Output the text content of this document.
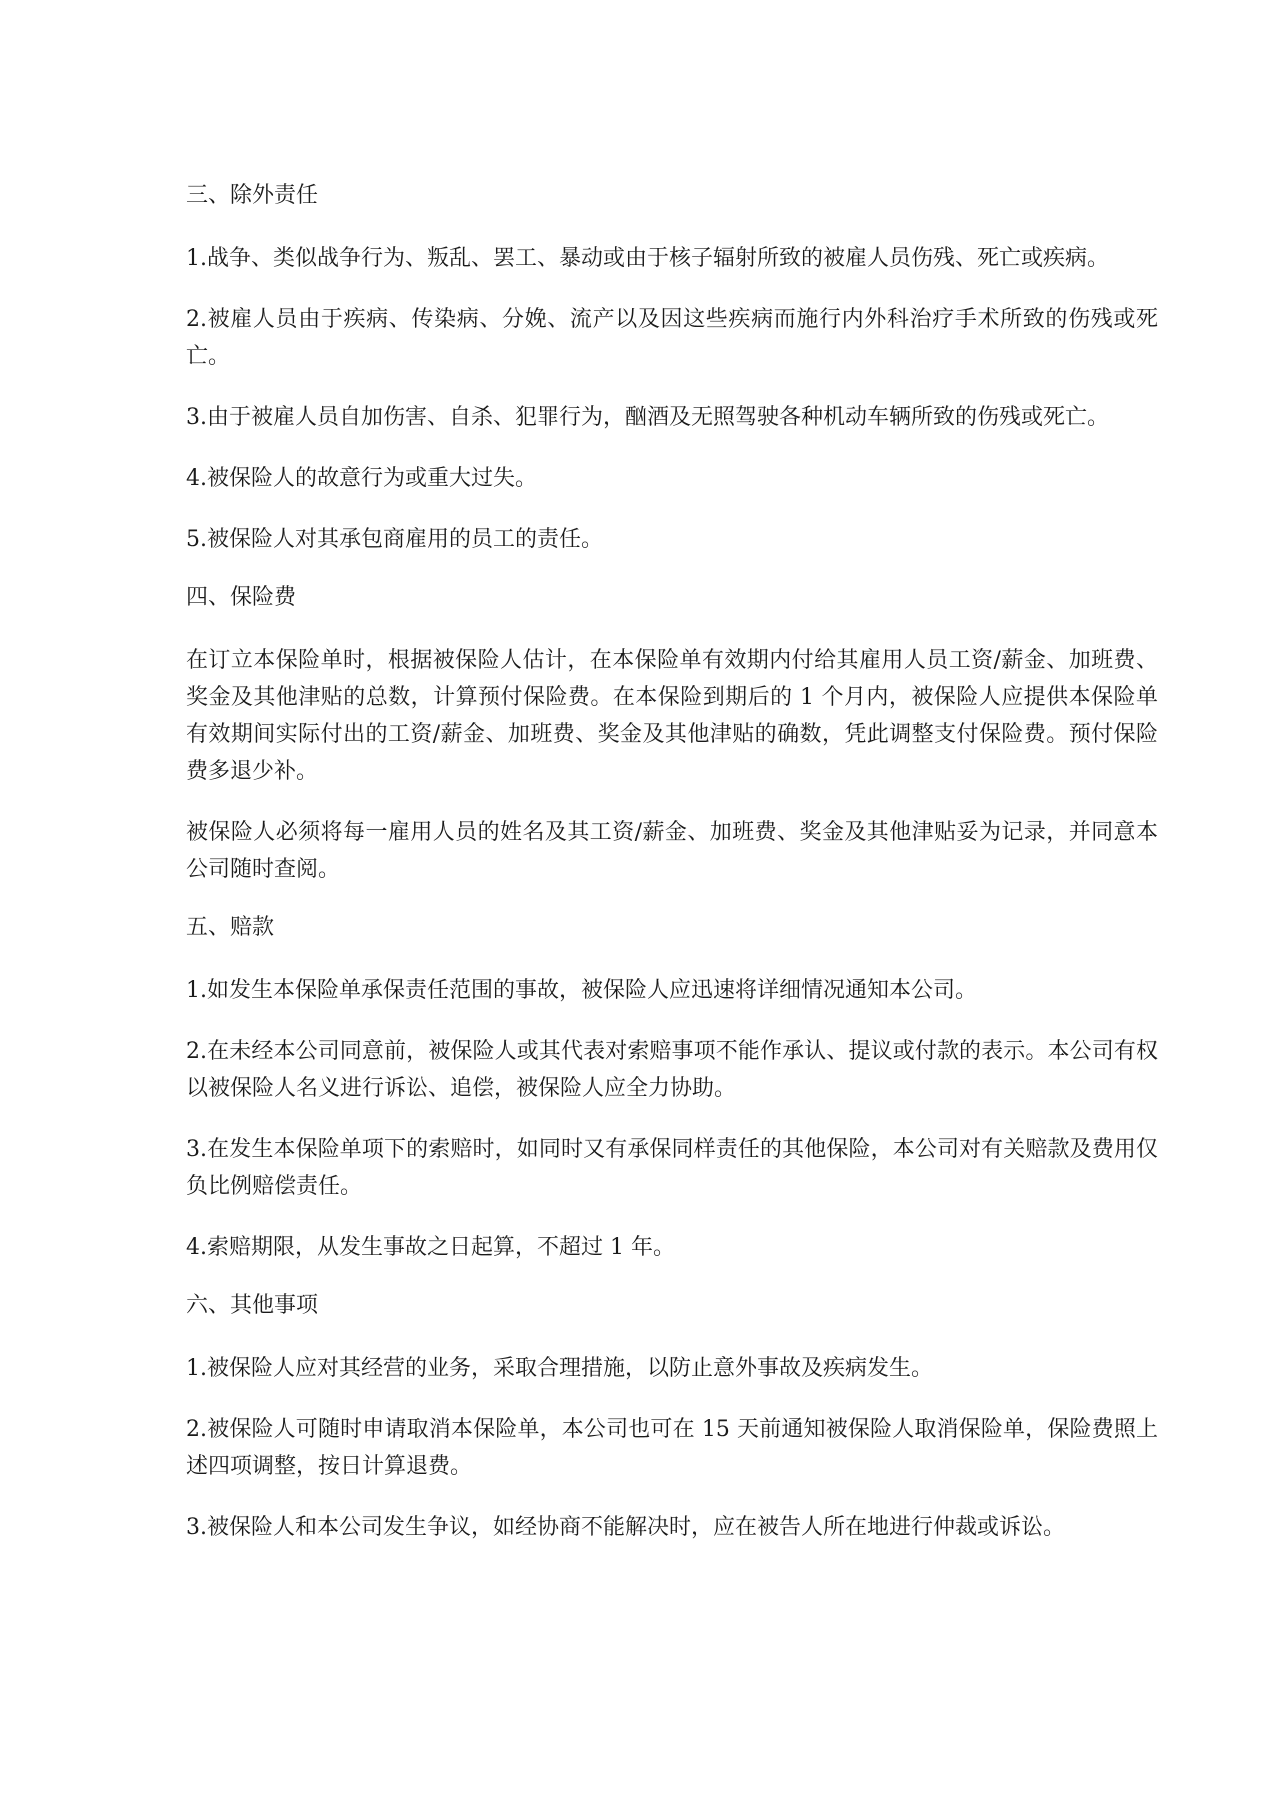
三、除外责任

1.战争、类似战争行为、叛乱、罢工、暴动或由于核子辐射所致的被雇人员伤残、死亡或疾病。

2.被雇人员由于疾病、传染病、分娩、流产以及因这些疾病而施行内外科治疗手术所致的伤残或死亡。

3.由于被雇人员自加伤害、自杀、犯罪行为，酗酒及无照驾驶各种机动车辆所致的伤残或死亡。

4.被保险人的故意行为或重大过失。

5.被保险人对其承包商雇用的员工的责任。

四、保险费

在订立本保险单时，根据被保险人估计，在本保险单有效期内付给其雇用人员工资/薪金、加班费、奖金及其他津贴的总数，计算预付保险费。在本保险到期后的 1 个月内，被保险人应提供本保险单有效期间实际付出的工资/薪金、加班费、奖金及其他津贴的确数，凭此调整支付保险费。预付保险费多退少补。

被保险人必须将每一雇用人员的姓名及其工资/薪金、加班费、奖金及其他津贴妥为记录，并同意本公司随时查阅。

五、赔款

1.如发生本保险单承保责任范围的事故，被保险人应迅速将详细情况通知本公司。

2.在未经本公司同意前，被保险人或其代表对索赔事项不能作承认、提议或付款的表示。本公司有权以被保险人名义进行诉讼、追偿，被保险人应全力协助。

3.在发生本保险单项下的索赔时，如同时又有承保同样责任的其他保险，本公司对有关赔款及费用仅负比例赔偿责任。

4.索赔期限，从发生事故之日起算，不超过 1 年。

六、其他事项

1.被保险人应对其经营的业务，采取合理措施，以防止意外事故及疾病发生。

2.被保险人可随时申请取消本保险单，本公司也可在 15 天前通知被保险人取消保险单，保险费照上述四项调整，按日计算退费。

3.被保险人和本公司发生争议，如经协商不能解决时，应在被告人所在地进行仲裁或诉讼。
